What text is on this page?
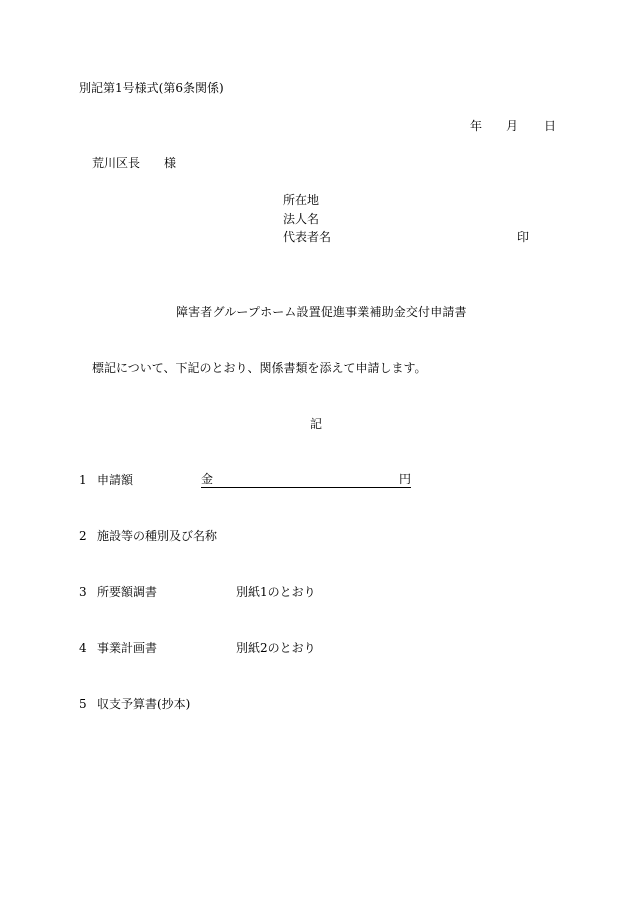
別記第1号様式(第6条関係)
年 月 日
荒川区長 様
所在地
法人名
代表者名	印
障害者グループホーム設置促進事業補助金交付申請書
標記について、下記のとおり、関係書類を添えて申請します。
記
1 申請額	金	円
2 施設等の種別及び名称
3 所要額調書	別紙1のとおり
4 事業計画書	別紙2のとおり
5 収支予算書(抄本)
